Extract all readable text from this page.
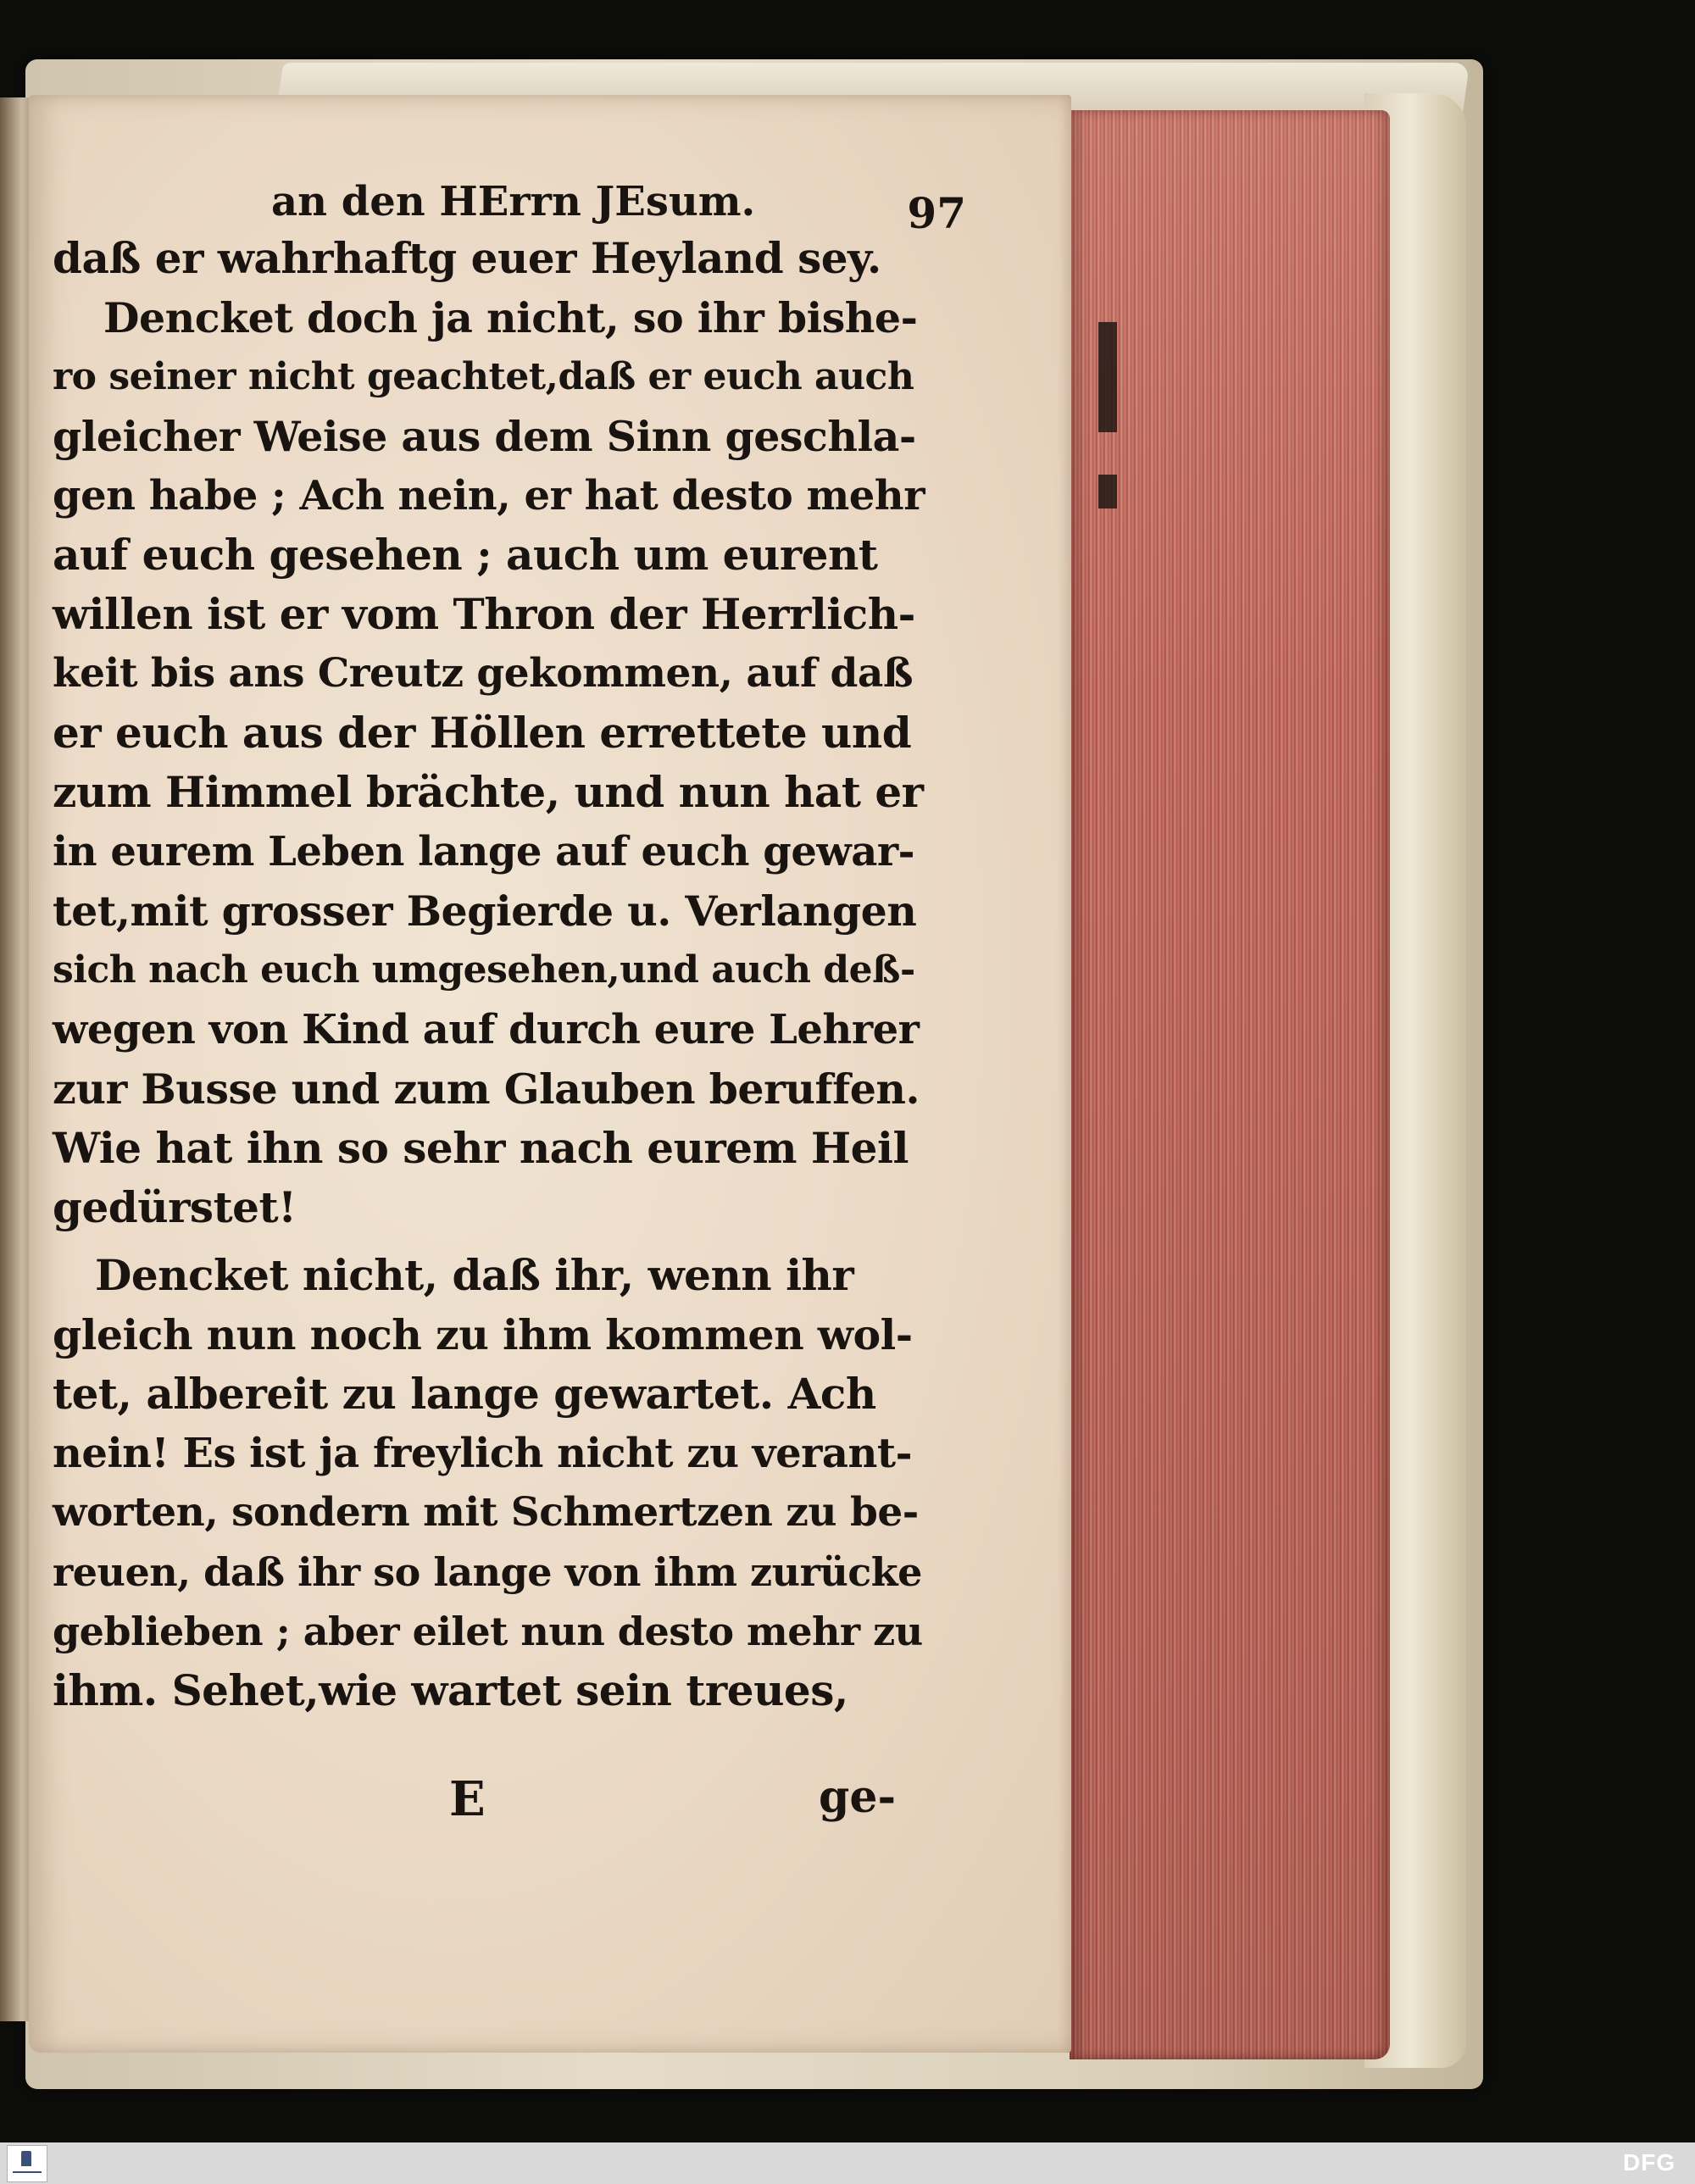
an den HErrn JEsum.	97
daß er wahrhaftg euer Heyland sey.
Dencket doch ja nicht, so ihr bishe-
ro seiner nicht geachtet,daß er euch auch
gleicher Weise aus dem Sinn geschla-
gen habe ; Ach nein, er hat desto mehr
auf euch gesehen ; auch um eurent
willen ist er vom Thron der Herrlich-
keit bis ans Creutz gekommen, auf daß
er euch aus der Höllen errettete und
zum Himmel brächte, und nun hat er
in eurem Leben lange auf euch gewar-
tet,mit grosser Begierde u. Verlangen
sich nach euch umgesehen,und auch deß-
wegen von Kind auf durch eure Lehrer
zur Busse und zum Glauben beruffen.
Wie hat ihn so sehr nach eurem Heil
gedürstet!
Dencket nicht, daß ihr, wenn ihr
gleich nun noch zu ihm kommen wol-
tet, albereit zu lange gewartet. Ach
nein! Es ist ja freylich nicht zu verant-
worten, sondern mit Schmertzen zu be-
reuen, daß ihr so lange von ihm zurücke
geblieben ; aber eilet nun desto mehr zu
ihm. Sehet,wie wartet sein treues,
E	ge-
DFG
